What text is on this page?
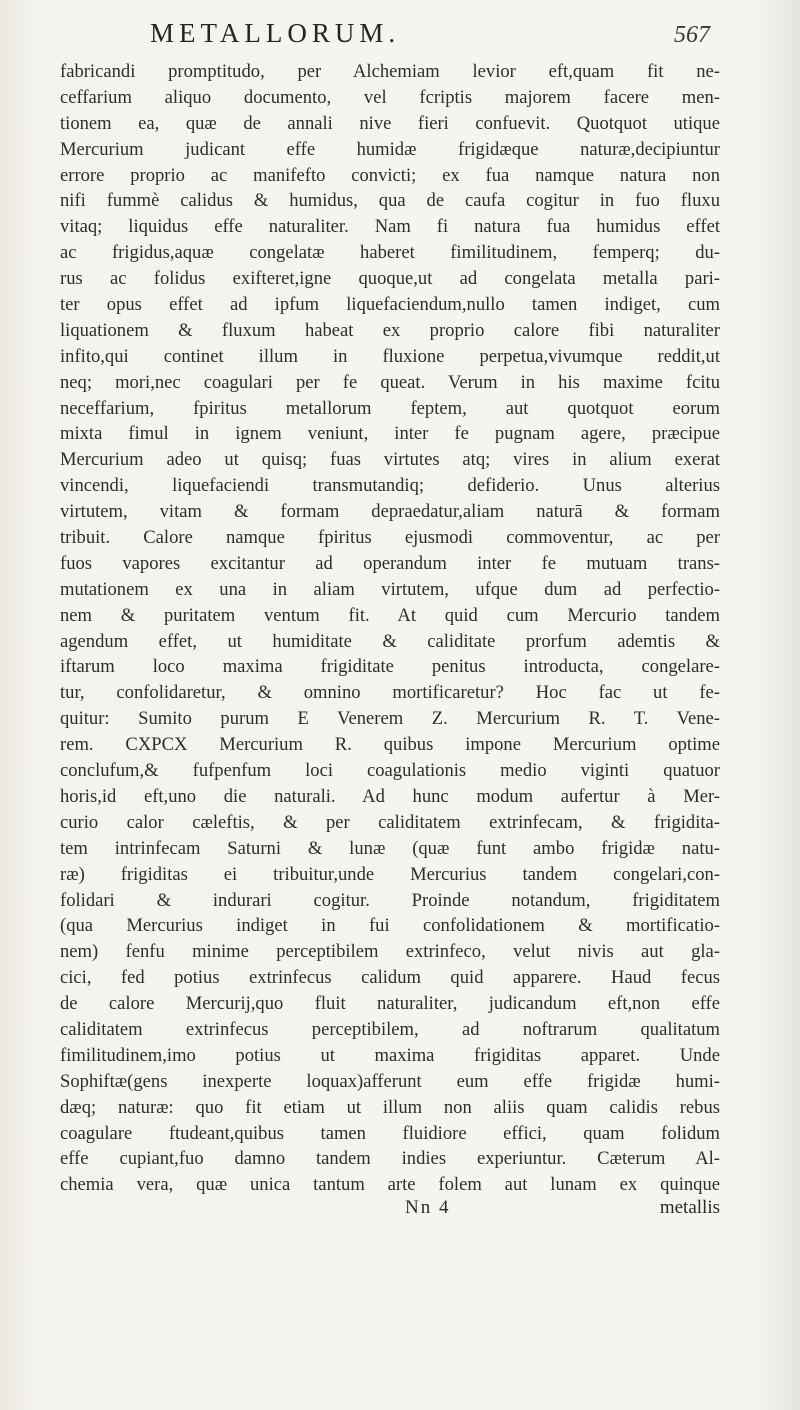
METALLORUM.	567
fabricandi promptitudo, per Alchemiam levior eft,quam fit ne-
ceffarium aliquo documento, vel fcriptis majorem facere men-
tionem ea, quæ de annali nive fieri confuevit. Quotquot utique
Mercurium judicant effe humidæ frigidæque naturæ,decipiuntur
errore proprio ac manifefto convicti; ex fua namque natura non
nifi fummè calidus & humidus, qua de caufa cogitur in fuo fluxu
vitaq; liquidus effe naturaliter. Nam fi natura fua humidus effet
ac frigidus,aquæ congelatæ haberet fimilitudinem, femperq; du-
rus ac folidus exifteret,igne quoque,ut ad congelata metalla pari-
ter opus effet ad ipfum liquefaciendum,nullo tamen indiget, cum
liquationem & fluxum habeat ex proprio calore fibi naturaliter
infito,qui continet illum in fluxione perpetua,vivumque reddit,ut
neq; mori,nec coagulari per fe queat. Verum in his maxime fcitu
neceffarium, fpiritus metallorum feptem, aut quotquot eorum
mixta fimul in ignem veniunt, inter fe pugnam agere, præcipue
Mercurium adeo ut quisq; fuas virtutes atq; vires in alium exerat
vincendi, liquefaciendi transmutandiq; defiderio. Unus alterius
virtutem, vitam & formam depraedatur,aliam naturā & formam
tribuit. Calore namque fpiritus ejusmodi commoventur, ac per
fuos vapores excitantur ad operandum inter fe mutuam trans-
mutationem ex una in aliam virtutem, ufque dum ad perfectio-
nem & puritatem ventum fit. At quid cum Mercurio tandem
agendum effet, ut humiditate & caliditate prorfum ademtis &
iftarum loco maxima frigiditate penitus introducta, congelare-
tur, confolidaretur, & omnino mortificaretur? Hoc fac ut fe-
quitur: Sumito purum E Venerem Z. Mercurium R. T. Vene-
rem. CXPCX Mercurium R. quibus impone Mercurium optime
conclufum,& fufpenfum loci coagulationis medio viginti quatuor
horis,id eft,uno die naturali. Ad hunc modum aufertur à Mer-
curio calor cæleftis, & per caliditatem extrinfecam, & frigidita-
tem intrinfecam Saturni & lunæ (quæ funt ambo frigidæ natu-
ræ) frigiditas ei tribuitur,unde Mercurius tandem congelari,con-
folidari & indurari cogitur. Proinde notandum, frigiditatem
(qua Mercurius indiget in fui confolidationem & mortificatio-
nem) fenfu minime perceptibilem extrinfeco, velut nivis aut gla-
cici, fed potius extrinfecus calidum quid apparere. Haud fecus
de calore Mercurij,quo fluit naturaliter, judicandum eft,non effe
caliditatem extrinfecus perceptibilem, ad noftrarum qualitatum
fimilitudinem,imo potius ut maxima frigiditas apparet. Unde
Sophiftæ(gens inexperte loquax)afferunt eum effe frigidæ humi-
dæq; naturæ: quo fit etiam ut illum non aliis quam calidis rebus
coagulare ftudeant,quibus tamen fluidiore effici, quam folidum
effe cupiant,fuo damno tandem indies experiuntur. Cæterum Al-
chemia vera, quæ unica tantum arte folem aut lunam ex quinque
Nn 4	metallis
